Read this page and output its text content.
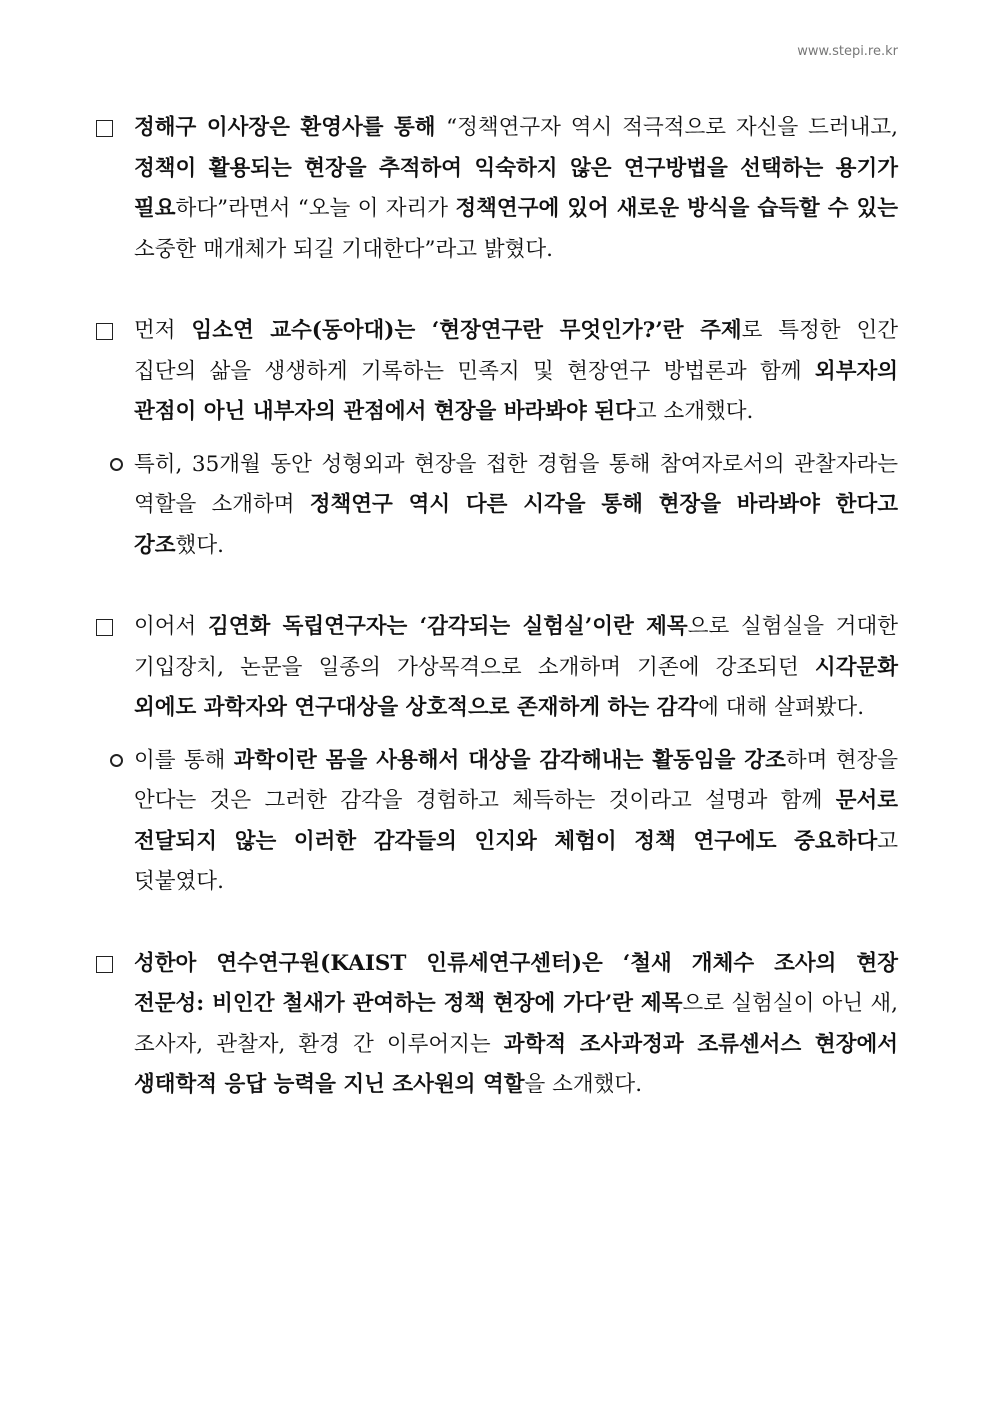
www.stepi.re.kr
정해구 이사장은 환영사를 통해 “정책연구자 역시 적극적으로 자신을 드러내고, 정책이 활용되는 현장을 추적하여 익숙하지 않은 연구방법을 선택하는 용기가 필요하다”라면서 “오늘 이 자리가 정책연구에 있어 새로운 방식을 습득할 수 있는 소중한 매개체가 되길 기대한다”라고 밝혔다.
먼저 임소연 교수(동아대)는 ‘현장연구란 무엇인가?’란 주제로 특정한 인간 집단의 삶을 생생하게 기록하는 민족지 및 현장연구 방법론과 함께 외부자의 관점이 아닌 내부자의 관점에서 현장을 바라봐야 된다고 소개했다.
특히, 35개월 동안 성형외과 현장을 접한 경험을 통해 참여자로서의 관찰자라는 역할을 소개하며 정책연구 역시 다른 시각을 통해 현장을 바라봐야 한다고 강조했다.
이어서 김연화 독립연구자는 ‘감각되는 실험실’이란 제목으로 실험실을 거대한 기입장치, 논문을 일종의 가상목격으로 소개하며 기존에 강조되던 시각문화 외에도 과학자와 연구대상을 상호적으로 존재하게 하는 감각에 대해 살펴봤다.
이를 통해 과학이란 몸을 사용해서 대상을 감각해내는 활동임을 강조하며 현장을 안다는 것은 그러한 감각을 경험하고 체득하는 것이라고 설명과 함께 문서로 전달되지 않는 이러한 감각들의 인지와 체험이 정책 연구에도 중요하다고 덧붙였다.
성한아 연수연구원(KAIST 인류세연구센터)은 ‘철새 개체수 조사의 현장 전문성: 비인간 철새가 관여하는 정책 현장에 가다’란 제목으로 실험실이 아닌 새, 조사자, 관찰자, 환경 간 이루어지는 과학적 조사과정과 조류센서스 현장에서 생태학적 응답 능력을 지닌 조사원의 역할을 소개했다.
